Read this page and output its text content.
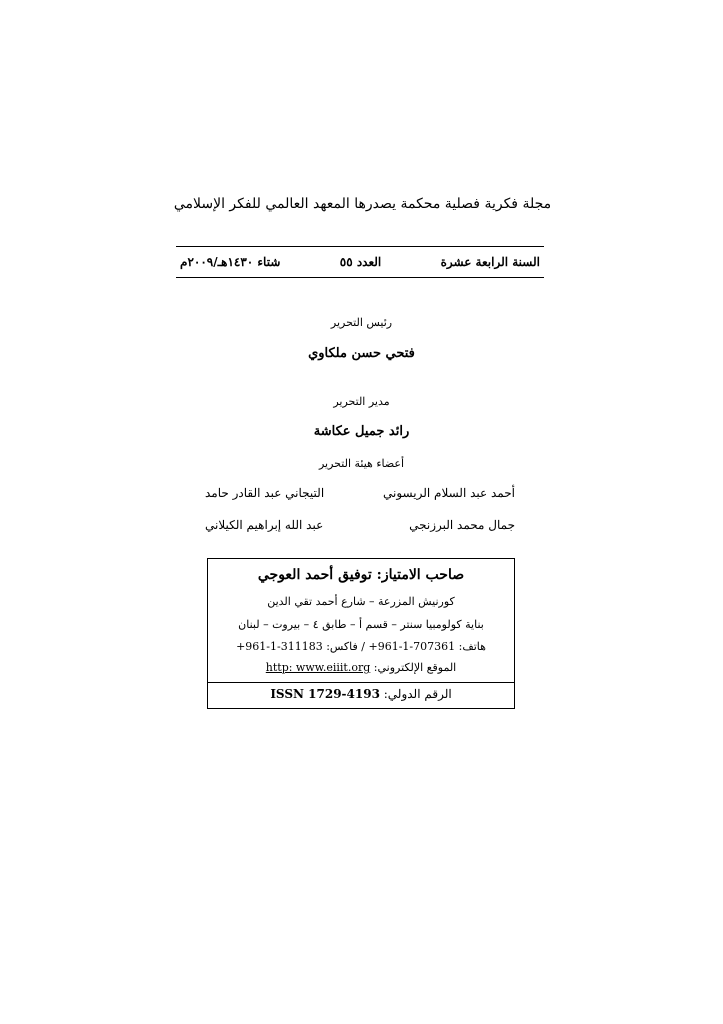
مجلة فكرية فصلية محكمة يصدرها المعهد العالمي للفكر الإسلامي
السنة الرابعة عشرة
العدد ٥٥
شتاء ١٤٣٠هـ/٢٠٠٩م
رئيس التحرير
فتحي حسن ملكاوي
مدير التحرير
رائد جميل عكاشة
أعضاء هيئة التحرير
أحمد عبد السلام الريسوني
التيجاني عبد القادر حامد
جمال محمد البرزنجي
عبد الله إبراهيم الكيلاني
صاحب الامتياز: توفيق أحمد العوجي
كورنيش المزرعة – شارع أحمد تقي الدين
بناية كولومبيا سنتر – قسم أ – طابق ٤ – بيروت – لبنان
هاتف: +961-1-707361 / فاكس: +961-1-311183
الموقع الإلكتروني: http: www.eiiit.org
الرقم الدولي: ISSN 1729-4193
